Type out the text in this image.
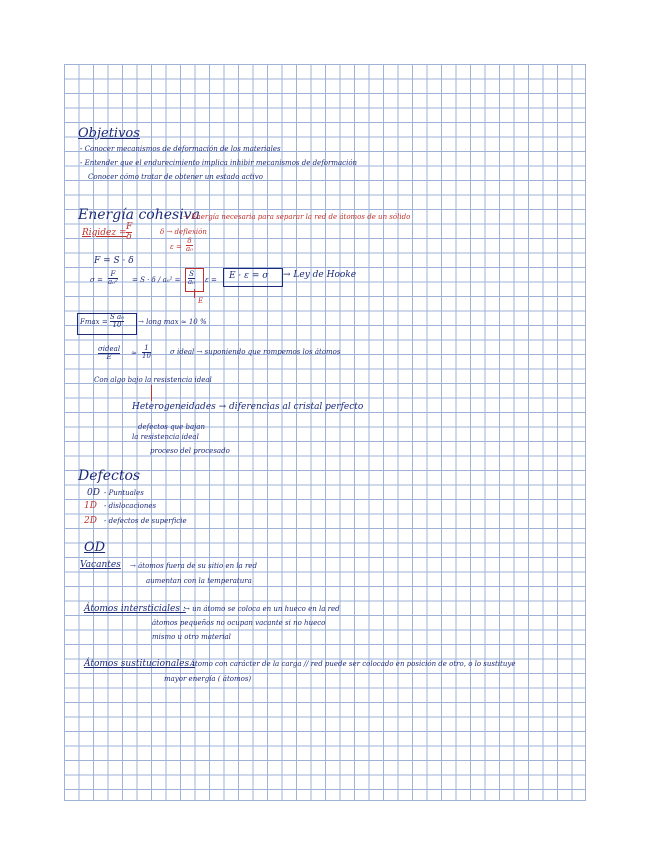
Objetivos
- Conocer mecanismos de deformación de los materiales
- Entender que el endurecimiento implica inhibir mecanismos de deformación
Conocer cómo tratar de obtener un estado activo
Energía cohesiva
→ Energía necesaria para separar la red de átomos de un sólido
Rigidez =
F
δ
δ → deflexión
ε =
δ
a₀
F = S · δ
σ =
F
a₀² = S · δ / a₀² =
S
a₀ ε = E · ε = σ → Ley de Hooke
E
Fmax =
S a₀
10 → long max ≈ 10 %
σideal
E
≈
1
10
σ ideal → suponiendo que rompemos los átomos
Con algo bajo la resistencia ideal
Heterogeneidades → diferencias al cristal perfecto
defectos que bajan
la resistencia ideal
proceso del procesado
Defectos
0D - Puntuales
1D - dislocaciones
2D - defectos de superficie
OD
Vacantes → átomos fuera de su sitio en la red
aumentan con la temperatura
Átomos intersticiales :
→ un átomo se coloca en un hueco en la red
átomos pequeños no ocupan vacante si no hueco
mismo u otro material
Átomos sustitucionales :
Átomo con carácter de la carga // red puede ser colocado en posición de otro, o lo sustituye
mayor energía ( átomos)
